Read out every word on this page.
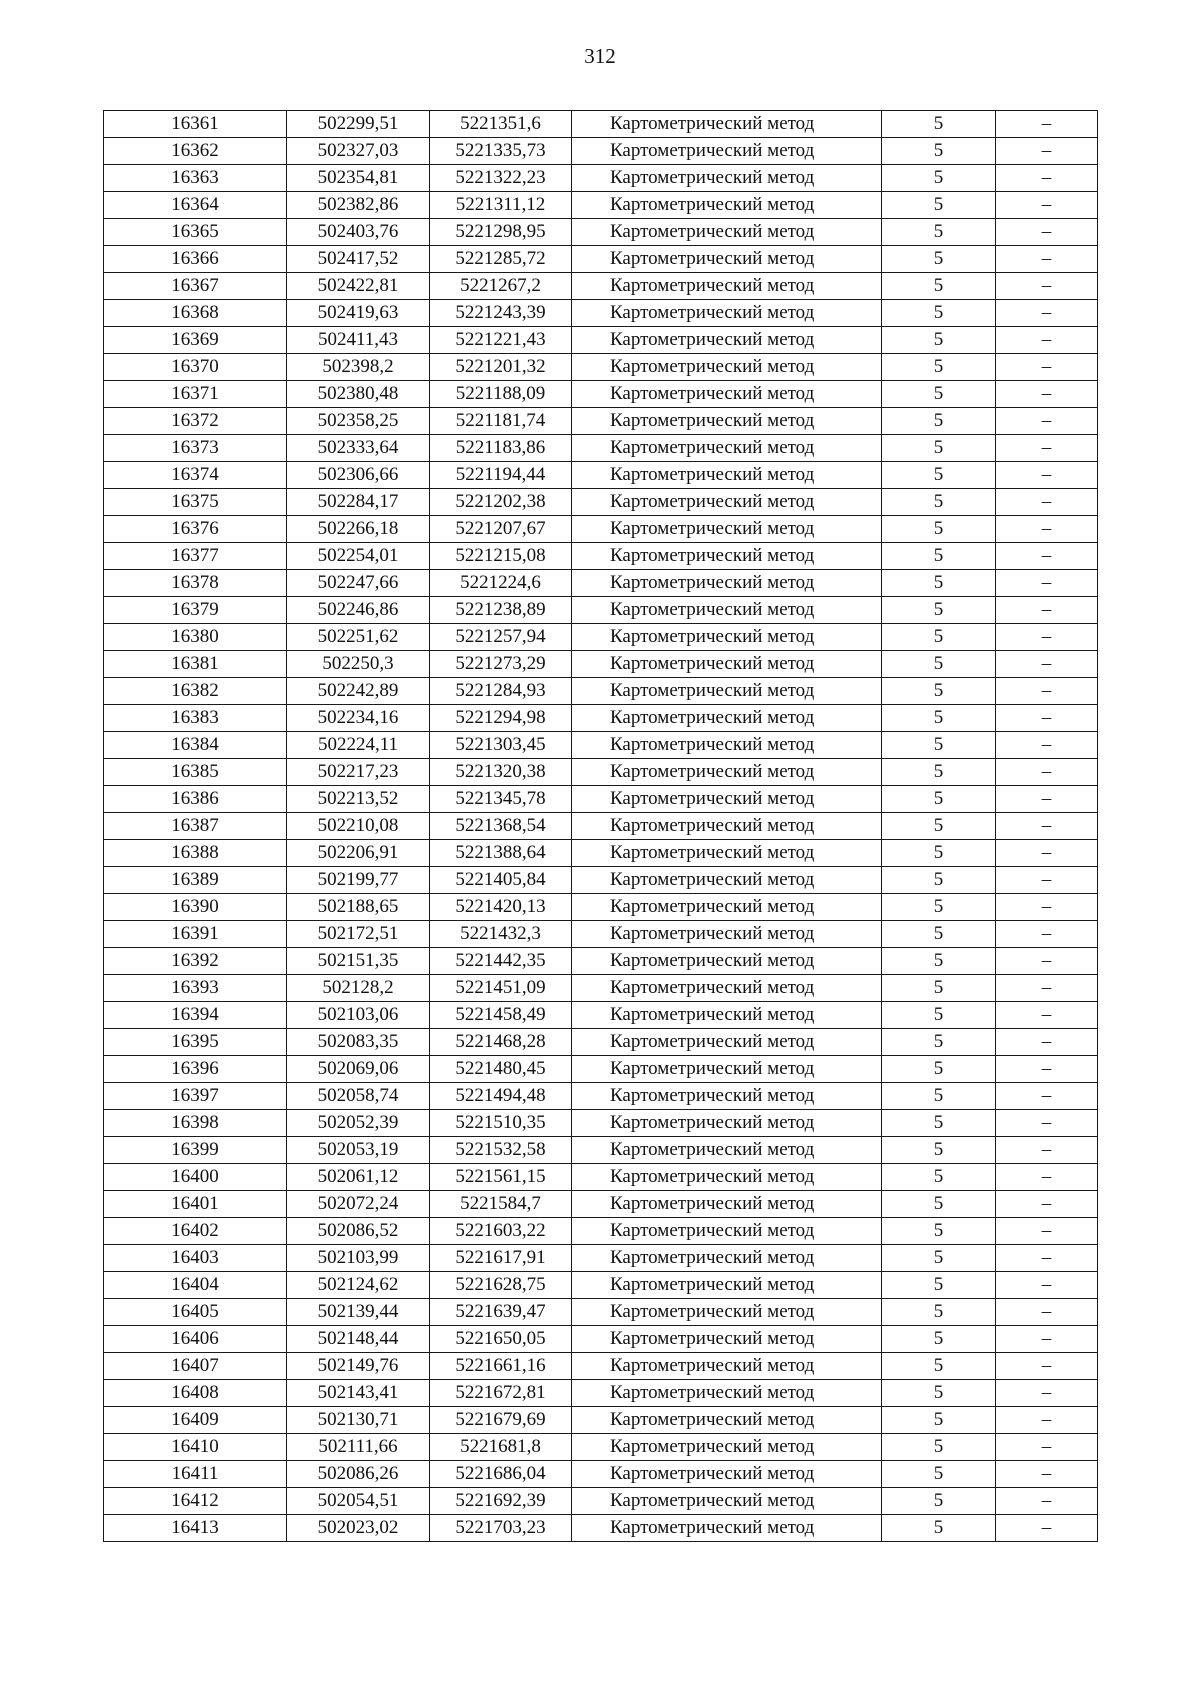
312
16361	502299,51	5221351,6	Картометрический метод	5	–
16362	502327,03	5221335,73	Картометрический метод	5	–
16363	502354,81	5221322,23	Картометрический метод	5	–
16364	502382,86	5221311,12	Картометрический метод	5	–
16365	502403,76	5221298,95	Картометрический метод	5	–
16366	502417,52	5221285,72	Картометрический метод	5	–
16367	502422,81	5221267,2	Картометрический метод	5	–
16368	502419,63	5221243,39	Картометрический метод	5	–
16369	502411,43	5221221,43	Картометрический метод	5	–
16370	502398,2	5221201,32	Картометрический метод	5	–
16371	502380,48	5221188,09	Картометрический метод	5	–
16372	502358,25	5221181,74	Картометрический метод	5	–
16373	502333,64	5221183,86	Картометрический метод	5	–
16374	502306,66	5221194,44	Картометрический метод	5	–
16375	502284,17	5221202,38	Картометрический метод	5	–
16376	502266,18	5221207,67	Картометрический метод	5	–
16377	502254,01	5221215,08	Картометрический метод	5	–
16378	502247,66	5221224,6	Картометрический метод	5	–
16379	502246,86	5221238,89	Картометрический метод	5	–
16380	502251,62	5221257,94	Картометрический метод	5	–
16381	502250,3	5221273,29	Картометрический метод	5	–
16382	502242,89	5221284,93	Картометрический метод	5	–
16383	502234,16	5221294,98	Картометрический метод	5	–
16384	502224,11	5221303,45	Картометрический метод	5	–
16385	502217,23	5221320,38	Картометрический метод	5	–
16386	502213,52	5221345,78	Картометрический метод	5	–
16387	502210,08	5221368,54	Картометрический метод	5	–
16388	502206,91	5221388,64	Картометрический метод	5	–
16389	502199,77	5221405,84	Картометрический метод	5	–
16390	502188,65	5221420,13	Картометрический метод	5	–
16391	502172,51	5221432,3	Картометрический метод	5	–
16392	502151,35	5221442,35	Картометрический метод	5	–
16393	502128,2	5221451,09	Картометрический метод	5	–
16394	502103,06	5221458,49	Картометрический метод	5	–
16395	502083,35	5221468,28	Картометрический метод	5	–
16396	502069,06	5221480,45	Картометрический метод	5	–
16397	502058,74	5221494,48	Картометрический метод	5	–
16398	502052,39	5221510,35	Картометрический метод	5	–
16399	502053,19	5221532,58	Картометрический метод	5	–
16400	502061,12	5221561,15	Картометрический метод	5	–
16401	502072,24	5221584,7	Картометрический метод	5	–
16402	502086,52	5221603,22	Картометрический метод	5	–
16403	502103,99	5221617,91	Картометрический метод	5	–
16404	502124,62	5221628,75	Картометрический метод	5	–
16405	502139,44	5221639,47	Картометрический метод	5	–
16406	502148,44	5221650,05	Картометрический метод	5	–
16407	502149,76	5221661,16	Картометрический метод	5	–
16408	502143,41	5221672,81	Картометрический метод	5	–
16409	502130,71	5221679,69	Картометрический метод	5	–
16410	502111,66	5221681,8	Картометрический метод	5	–
16411	502086,26	5221686,04	Картометрический метод	5	–
16412	502054,51	5221692,39	Картометрический метод	5	–
16413	502023,02	5221703,23	Картометрический метод	5	–
